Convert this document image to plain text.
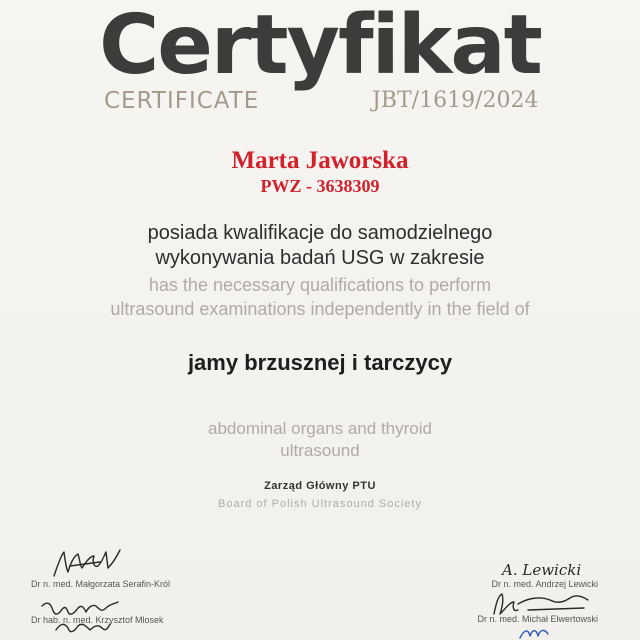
Certyfikat
CERTIFICATE	JBT/1619/2024
Marta Jaworska
PWZ - 3638309
posiada kwalifikacje do samodzielnego
wykonywania badań USG w zakresie
has the necessary qualifications to perform
ultrasound examinations independently in the field of
jamy brzusznej i tarczycy
abdominal organs and thyroid
ultrasound
Zarząd Główny PTU
Board of Polish Ultrasound Society
Dr n. med. Małgorzata Serafin-Król
Dr hab. n. med. Krzysztof Mlosek
A. Lewicki
Dr n. med. Andrzej Lewicki
Dr n. med. Michał Elwertowski
